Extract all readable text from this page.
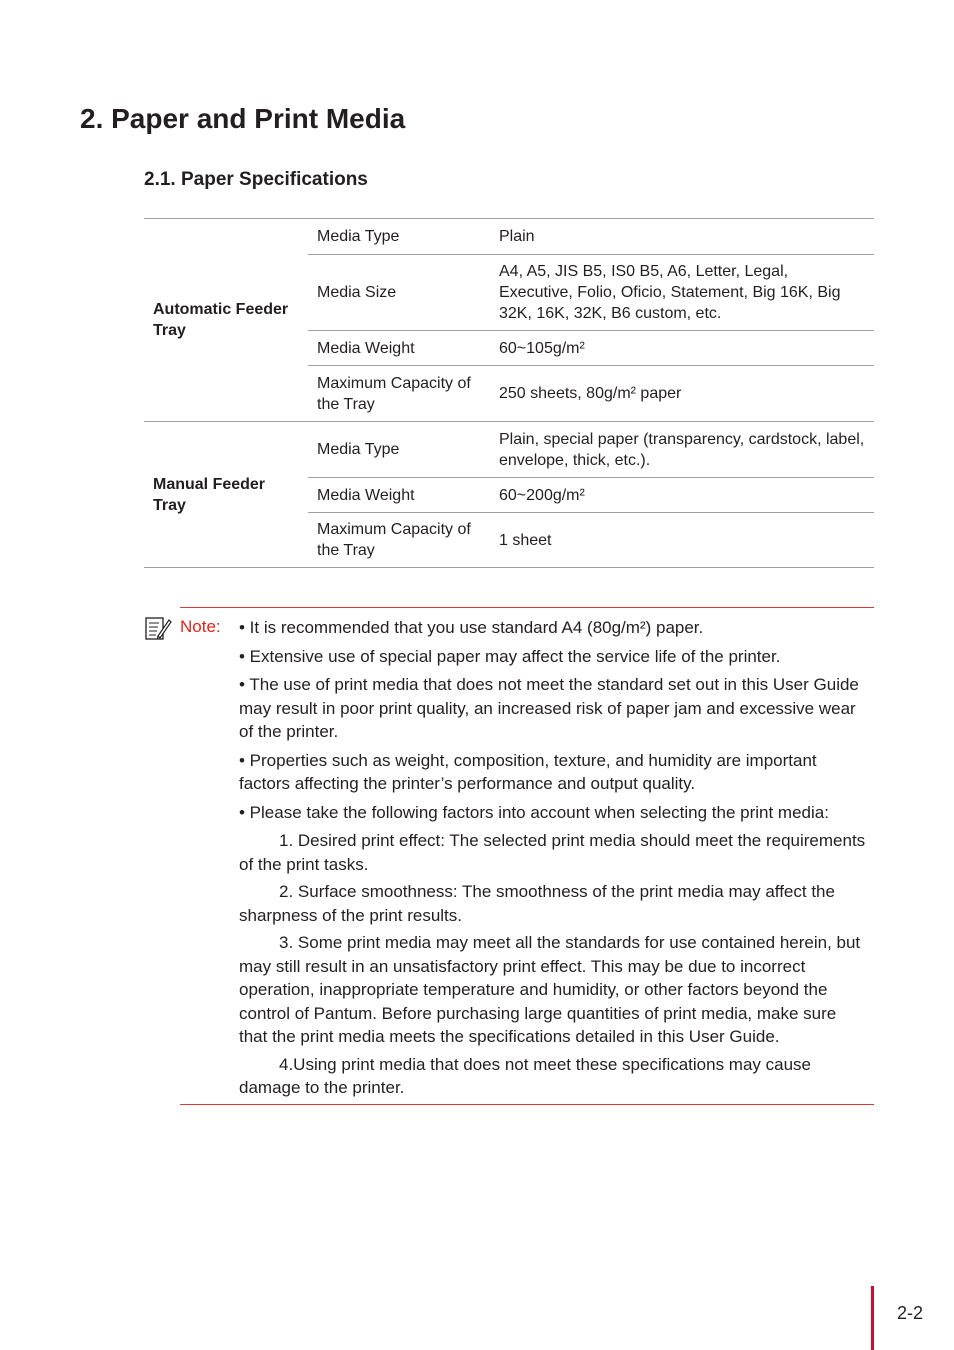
2. Paper and Print Media
2.1. Paper Specifications
Automatic Feeder Tray	Media Type	Plain
	Media Size	A4, A5, JIS B5, IS0 B5, A6, Letter, Legal, Executive, Folio, Oficio, Statement, Big 16K, Big 32K, 16K, 32K, B6 custom, etc.
	Media Weight	60~105g/m²
	Maximum Capacity of the Tray	250 sheets, 80g/m² paper
Manual Feeder Tray	Media Type	Plain, special paper (transparency, cardstock, label, envelope, thick, etc.).
	Media Weight	60~200g/m²
	Maximum Capacity of the Tray	1 sheet
Note: • It is recommended that you use standard A4 (80g/m²) paper.

• Extensive use of special paper may affect the service life of the printer.

• The use of print media that does not meet the standard set out in this User Guide may result in poor print quality, an increased risk of paper jam and excessive wear of the printer.

• Properties such as weight, composition, texture, and humidity are important factors affecting the printer’s performance and output quality.

• Please take the following factors into account when selecting the print media:

1. Desired print effect: The selected print media should meet the requirements of the print tasks.

2. Surface smoothness: The smoothness of the print media may affect the sharpness of the print results.

3. Some print media may meet all the standards for use contained herein, but may still result in an unsatisfactory print effect. This may be due to incorrect operation, inappropriate temperature and humidity, or other factors beyond the control of Pantum. Before purchasing large quantities of print media, make sure that the print media meets the specifications detailed in this User Guide.

4.Using print media that does not meet these specifications may cause damage to the printer.

2-2
